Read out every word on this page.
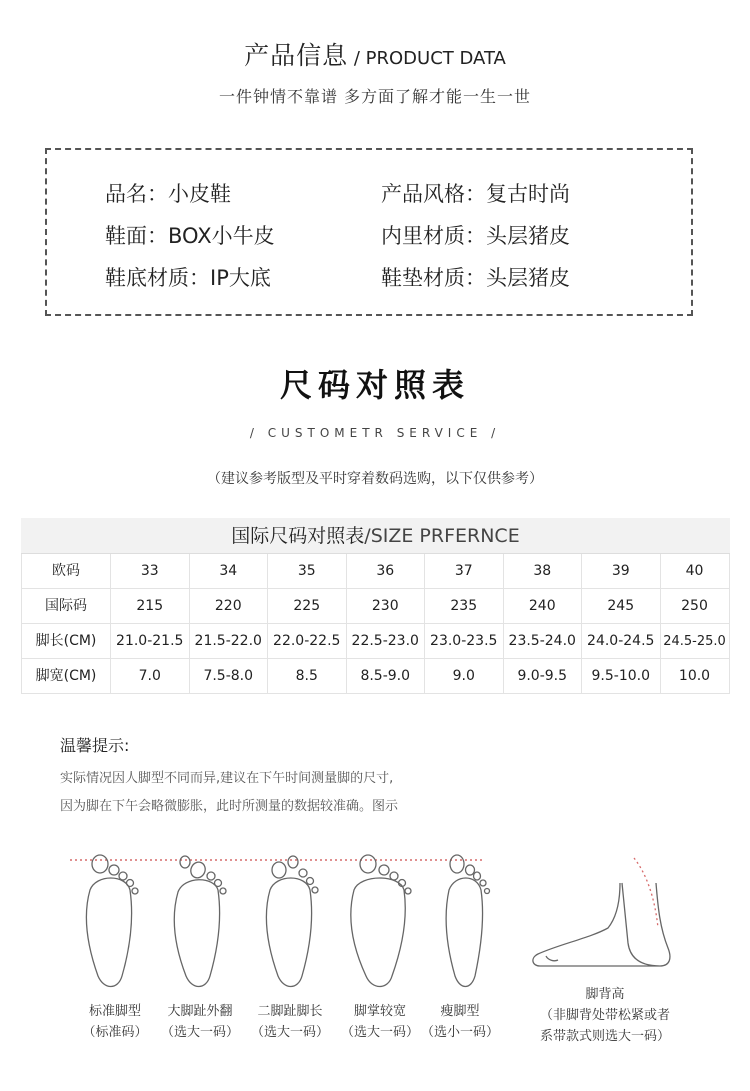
产品信息 / PRODUCT DATA
一件钟情不靠谱 多方面了解才能一生一世
品名：小皮鞋	产品风格：复古时尚
鞋面：BOX小牛皮	内里材质：头层猪皮
鞋底材质：IP大底	鞋垫材质：头层猪皮
尺码对照表
/ CUSTOMETR SERVICE /
（建议参考版型及平时穿着数码选购，以下仅供参考）
国际尺码对照表/SIZE PRFERNCE
欧码	33	34	35	36	37	38	39	40
国际码	215	220	225	230	235	240	245	250
脚长(CM)	21.0-21.5 21.5-22.0 22.0-22.5 22.5-23.0 23.0-23.5 23.5-24.0 24.0-24.5 24.5-25.0
脚宽(CM)	7.0	7.5-8.0	8.5	8.5-9.0	9.0	9.0-9.5	9.5-10.0	10.0
温馨提示:
实际情况因人脚型不同而异,建议在下午时间测量脚的尺寸,
因为脚在下午会略微膨胀，此时所测量的数据较准确。图示
标准脚型
（标准码）
大脚趾外翻
（选大一码）
二脚趾脚长
（选大一码）
脚掌较宽
（选大一码）
瘦脚型
（选小一码）
脚背高
（非脚背处带松紧或者
系带款式则选大一码）
